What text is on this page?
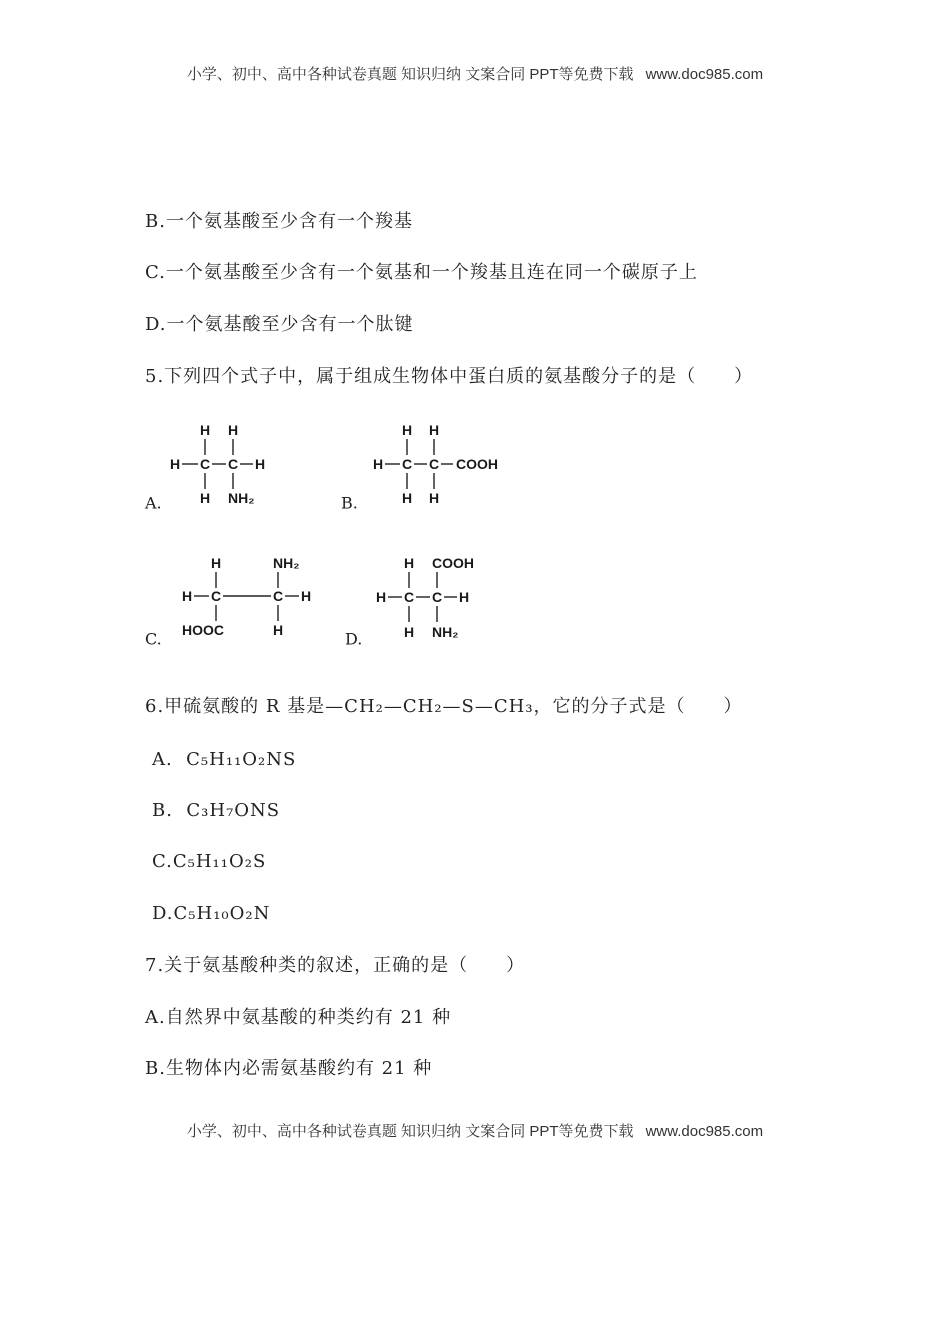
小学、初中、高中各种试卷真题 知识归纳 文案合同 PPT等免费下载 www.doc985.com
B.一个氨基酸至少含有一个羧基
C.一个氨基酸至少含有一个氨基和一个羧基且连在同一个碳原子上
D.一个氨基酸至少含有一个肽键
5.下列四个式子中，属于组成生物体中蛋白质的氨基酸分子的是（　　）
A.
H H
H C C H
H NH₂	B.
H H
H C C COOH
H H
C.
H	NH₂
H C	C H
HOOC	H	D.
H COOH
H C C H
H NH₂
6.甲硫氨酸的 R 基是—CH₂—CH₂—S—CH₃，它的分子式是（　　）
A.  C₅H₁₁O₂NS
B.  C₃H₇ONS
C.C₅H₁₁O₂S
D.C₅H₁₀O₂N
7.关于氨基酸种类的叙述，正确的是（　　）
A.自然界中氨基酸的种类约有 21 种
B.生物体内必需氨基酸约有 21 种
小学、初中、高中各种试卷真题 知识归纳 文案合同 PPT等免费下载 www.doc985.com
